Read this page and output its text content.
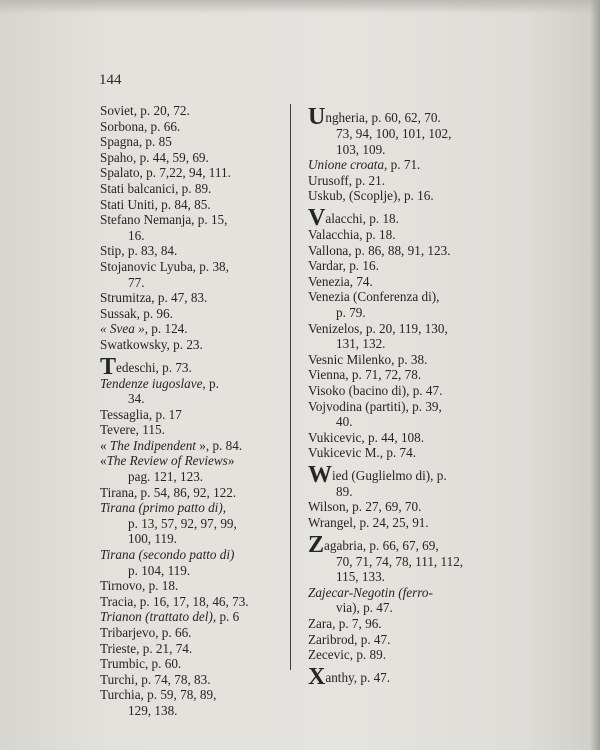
144
Soviet, p. 20, 72.
Sorbona, p. 66.
Spagna, p. 85
Spaho, p. 44, 59, 69.
Spalato, p. 7,22, 94, 111.
Stati balcanici, p. 89.
Stati Uniti, p. 84, 85.
Stefano Nemanja, p. 15,
16.
Stip, p. 83, 84.
Stojanovic Lyuba, p. 38,
77.
Strumitza, p. 47, 83.
Sussak, p. 96.
« Svea », p. 124.
Swatkowsky, p. 23.
Tedeschi, p. 73.
Tendenze iugoslave, p.
34.
Tessaglia, p. 17
Tevere, 115.
« The Indipendent », p. 84.
«The Review of Reviews»
pag. 121, 123.
Tirana, p. 54, 86, 92, 122.
Tirana (primo patto di),
p. 13, 57, 92, 97, 99,
100, 119.
Tirana (secondo patto di)
p. 104, 119.
Tirnovo, p. 18.
Tracia, p. 16, 17, 18, 46, 73.
Trianon (trattato del), p. 6
Tribarjevo, p. 66.
Trieste, p. 21, 74.
Trumbic, p. 60.
Turchi, p. 74, 78, 83.
Turchia, p. 59, 78, 89,
129, 138.
Ungheria, p. 60, 62, 70.
73, 94, 100, 101, 102,
103, 109.
Unione croata, p. 71.
Urusoff, p. 21.
Uskub, (Scoplje), p. 16.
Valacchi, p. 18.
Valacchia, p. 18.
Vallona, p. 86, 88, 91, 123.
Vardar, p. 16.
Venezia, 74.
Venezia (Conferenza di),
p. 79.
Venizelos, p. 20, 119, 130,
131, 132.
Vesnic Milenko, p. 38.
Vienna, p. 71, 72, 78.
Visoko (bacino di), p. 47.
Vojvodina (partiti), p. 39,
40.
Vukicevic, p. 44, 108.
Vukicevic M., p. 74.
Wied (Guglielmo di), p.
89.
Wilson, p. 27, 69, 70.
Wrangel, p. 24, 25, 91.
Zagabria, p. 66, 67, 69,
70, 71, 74, 78, 111, 112,
115, 133.
Zajecar-Negotin (ferro-
via), p. 47.
Zara, p. 7, 96.
Zaribrod, p. 47.
Zecevic, p. 89.
Xanthy, p. 47.
